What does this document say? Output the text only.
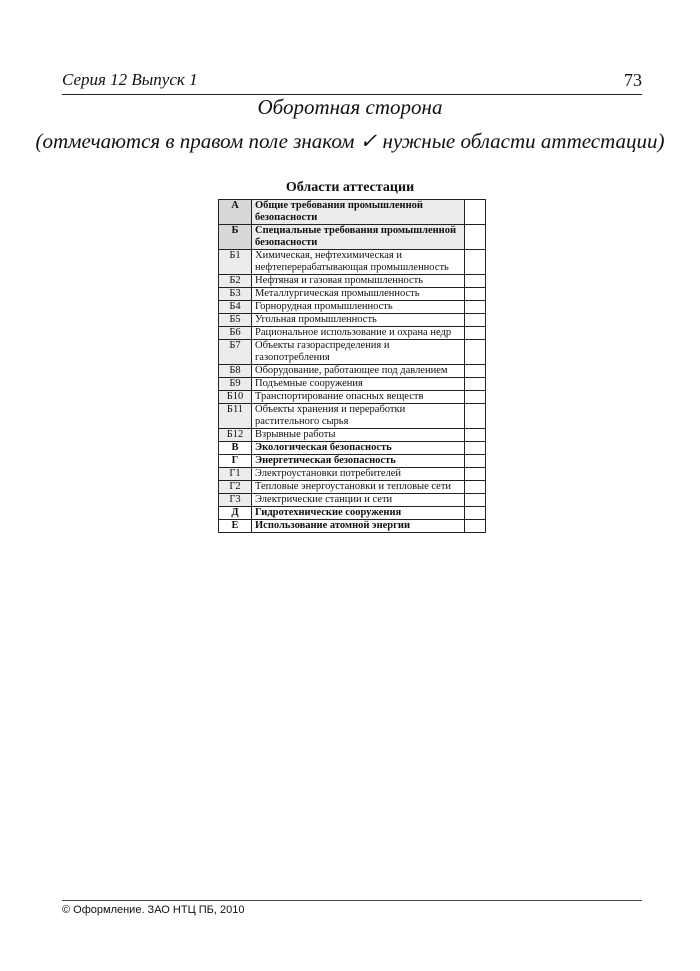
Серия 12 Выпуск 1	73
Оборотная сторона
(отмечаются в правом поле знаком ✓ нужные области аттестации)
Области аттестации
А	Общие требования промышленной безопасности	
Б	Специальные требования промышленной безопасности	
Б1	Химическая, нефтехимическая и нефтеперерабатывающая промышленность	
Б2	Нефтяная и газовая промышленность	
Б3	Металлургическая промышленность	
Б4	Горнорудная промышленность	
Б5	Угольная промышленность	
Б6	Рациональное использование и охрана недр	
Б7	Объекты газораспределения и газопотребления	
Б8	Оборудование, работающее под давлением	
Б9	Подъемные сооружения	
Б10	Транспортирование опасных веществ	
Б11	Объекты хранения и переработки растительного сырья	
Б12	Взрывные работы	
В	Экологическая безопасность	
Г	Энергетическая безопасность	
Г1	Электроустановки потребителей	
Г2	Тепловые энергоустановки и тепловые сети	
Г3	Электрические станции и сети	
Д	Гидротехнические сооружения	
Е	Использование атомной энергии	
© Оформление. ЗАО НТЦ ПБ, 2010
